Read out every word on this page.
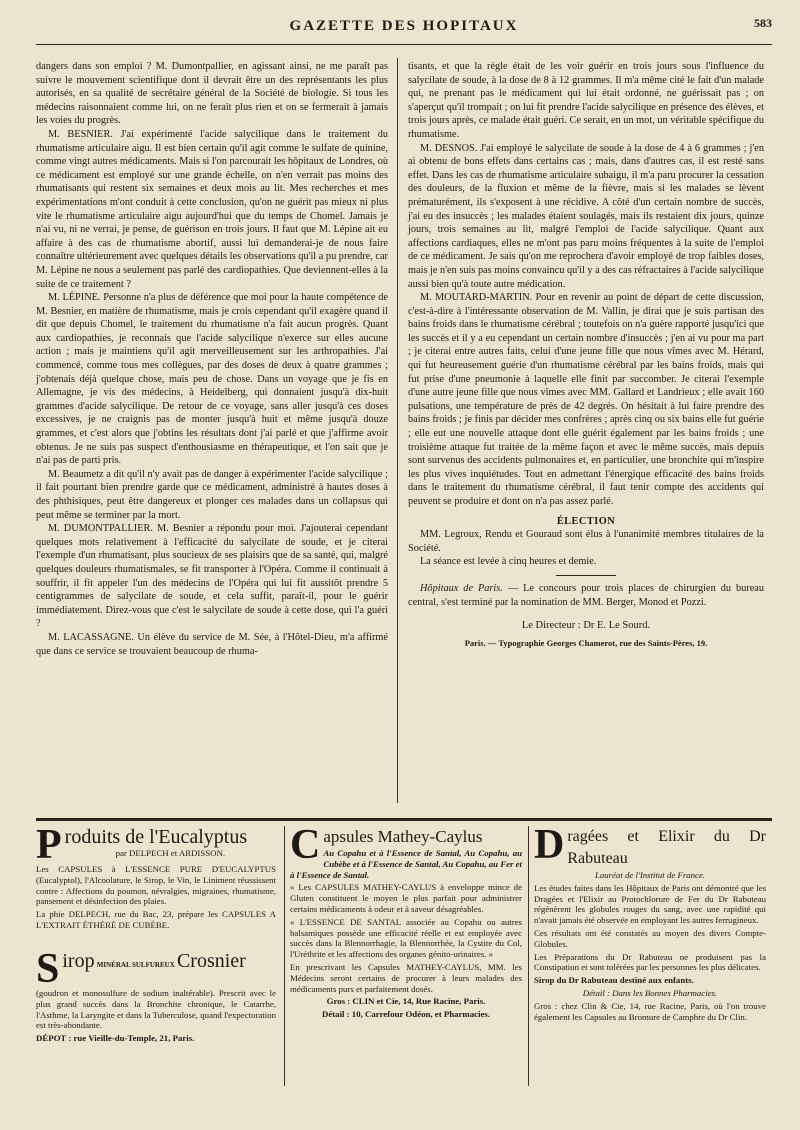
GAZETTE DES HOPITAUX	583

dangers dans son emploi ? M. Dumontpallier, en agissant ainsi, ne me paraît pas suivre le mouvement scientifique dont il devrait être un des représentants les plus autorisés, en sa qualité de secrétaire général de la Société de biologie. Si tous les médecins raisonnaient comme lui, on ne ferait plus rien et on se fermerait à jamais les voies du progrès.

M. BESNIER. J'ai expérimenté l'acide salycilique dans le traitement du rhumatisme articulaire aigu. Il est bien certain qu'il agit comme le sulfate de quinine, comme vingt autres médicaments. Mais si l'on parcourait les hôpitaux de Londres, où ce médicament est employé sur une grande échelle, on n'en verrait pas moins des rhumatisants qui restent six semaines et deux mois au lit. Mes recherches et mes expérimentations m'ont conduit à cette conclusion, qu'on ne guérit pas mieux ni plus vite le rhumatisme articulaire aigu aujourd'hui que du temps de Chomel. Jamais je n'ai vu, ni ne verrai, je pense, de guérison en trois jours. Il faut que M. Lépine ait eu affaire à des cas de rhumatisme abortif, aussi lui demanderai-je de nous faire connaître ultérieurement avec quelques détails les observations qu'il a pu prendre, car M. Lépine ne nous a seulement pas parlé des cardiopathies. Que deviennent-elles à la suite de ce traitement ?

M. LÉPINE. Personne n'a plus de déférence que moi pour la haute compétence de M. Besnier, en matière de rhumatisme, mais je crois cependant qu'il exagère quand il dit que depuis Chomel, le traitement du rhumatisme n'a fait aucun progrès. Quant aux cardiopathies, je reconnais que l'acide salycilique n'exerce sur elles aucune action ; mais je maintiens qu'il agit merveilleusement sur les arthropathies. J'ai commencé, comme tous mes collègues, par des doses de deux à quatre grammes ; j'obtenais déjà quelque chose, mais peu de chose. Dans un voyage que je fis en Allemagne, je vis des médecins, à Heidelberg, qui donnaient jusqu'à dix-huit grammes d'acide salycilique. De retour de ce voyage, sans aller jusqu'à ces doses excessives, je ne craignis pas de monter jusqu'à huit et même jusqu'à douze grammes, et c'est alors que j'obtins les résultats dont j'ai parlé et que j'affirme avoir obtenus. Je ne suis pas suspect d'enthousiasme en thérapeutique, et l'on sait que je n'ai pas de parti pris.

M. Beaumetz a dit qu'il n'y avait pas de danger à expérimenter l'acide salycilique ; il fait pourtant bien prendre garde que ce médicament, administré à hautes doses à des phthisiques, peut être dangereux et plonger ces malades dans un collapsus qui peut même se terminer par la mort.

M. DUMONTPALLIER. M. Besnier a répondu pour moi. J'ajouterai cependant quelques mots relativement à l'efficacité du salycilate de soude, et je citerai l'exemple d'un rhumatisant, plus soucieux de ses plaisirs que de sa santé, qui, malgré quelques douleurs rhumatismales, se fit transporter à l'Opéra. Comme il continuait à souffrir, il fit appeler l'un des médecins de l'Opéra qui lui fit aussitôt prendre 5 centigrammes de salycilate de soude, et cela suffit, paraît-il, pour le guérir immédiatement. Direz-vous que c'est le salycilate de soude à cette dose, qui l'a guéri ?

M. LACASSAGNE. Un élève du service de M. Sée, à l'Hôtel-Dieu, m'a affirmé que dans ce service se trouvaient beaucoup de rhuma-

tisants, et que la règle était de les voir guérir en trois jours sous l'influence du salycilate de soude, à la dose de 8 à 12 grammes. Il m'a même cité le fait d'un malade qui, ne prenant pas le médicament qui lui était ordonné, ne guérissait pas ; on s'aperçut qu'il trompait ; on lui fit prendre l'acide salycilique en présence des élèves, et trois jours après, ce malade était guéri. Ce serait, en un mot, un véritable spécifique du rhumatisme.

M. DESNOS. J'ai employé le salycilate de soude à la dose de 4 à 6 grammes ; j'en ai obtenu de bons effets dans certains cas ; mais, dans d'autres cas, il est resté sans effet. Dans les cas de rhumatisme articulaire subaigu, il m'a paru procurer la cessation des douleurs, de la fluxion et même de la fièvre, mais si les malades se lèvent prématurément, ils s'exposent à une récidive. A côté d'un certain nombre de succès, j'ai eu des insuccès ; les malades étaient soulagés, mais ils restaient dix jours, quinze jours, trois semaines au lit, malgré l'emploi de l'acide salycilique. Quant aux affections cardiaques, elles ne m'ont pas paru moins fréquentes à la suite de l'emploi de ce médicament. Je sais qu'on me reprochera d'avoir employé de trop faibles doses, mais je n'en suis pas moins convaincu qu'il y a des cas réfractaires à l'acide salycilique aussi bien qu'à toute autre médication.

M. MOUTARD-MARTIN. Pour en revenir au point de départ de cette discussion, c'est-à-dire à l'intéressante observation de M. Vallin, je dirai que je suis partisan des bains froids dans le rhumatisme cérébral ; toutefois on n'a guère rapporté jusqu'ici que les succès et il y a eu cependant un certain nombre d'insuccès ; j'en ai vu pour ma part ; je citerai entre autres faits, celui d'une jeune fille que nous vîmes avec M. Hérard, qui fut heureusement guérie d'un rhumatisme cérébral par les bains froids, mais qui fut prise d'une pneumonie à laquelle elle finit par succomber. Je citerai l'exemple d'une autre jeune fille que nous vîmes avec MM. Gallard et Landrieux ; elle avait 160 pulsations, une température de près de 42 degrés. On hésitait à lui faire prendre des bains froids ; je finis par décider mes confrères ; après cinq ou six bains elle fut guérie ; elle eut une nouvelle attaque dont elle guérit également par les bains froids ; une troisième attaque fut traitée de la même façon et avec le même succès, mais depuis sont survenus des accidents pulmonaires et, en particulier, une bronchite qui m'inspire les plus vives inquiétudes. Tout en admettant l'énergique efficacité des bains froids dans le traitement du rhumatisme cérébral, il faut tenir compte des accidents qui peuvent se produire et dont on n'a pas assez parlé.

ÉLECTION

MM. Legroux, Rendu et Gouraud sont élus à l'unanimité membres titulaires de la Société.

La séance est levée à cinq heures et demie.

Hôpitaux de Paris. — Le concours pour trois places de chirurgien du bureau central, s'est terminé par la nomination de MM. Berger, Monod et Pozzi.

Le Directeur : Dr E. Le Sourd.
Paris. — Typographie Georges Chamerot, rue des Saints-Pères, 19.
Produits de l'Eucalyptus

par DELPECH et ARDISSON.

Les CAPSULES à L'ESSENCE PURE D'EUCALYPTUS (Eucalyptol), l'Alcoolature, le Sirop, le Vin, le Liniment réussissent contre : Affections du poumon, névralgies, migraines, rhumatisme, pansement et désinfection des plaies.

La phie DELPECH, rue du Bac, 23, prépare les CAPSULES A L'EXTRAIT ÉTHÉRÉ DE CUBÈBE.

Sirop MINÉRAL SULFUREUX Crosnier

(goudron et monosulfure de sodium inaltérable). Prescrit avec le plus grand succès dans la Bronchite chronique, le Catarrhe, l'Asthme, la Laryngite et dans la Tuberculose, quand l'expectoration est très-abondante.

DÉPOT : rue Vieille-du-Temple, 21, Paris.

Capsules Mathey-Caylus

Au Copahu et à l'Essence de Santal, Au Copahu, au Cubèbe et à l'Essence de Santal, Au Copahu, au Fer et à l'Essence de Santal.

« Les CAPSULES MATHEY-CAYLUS à enveloppe mince de Gluten constituent le moyen le plus parfait pour administrer certains médicaments à odeur et à saveur désagréables.

« L'ESSENCE DE SANTAL associée au Copahu ou autres balsamiques possède une efficacité réelle et est employée avec succès dans la Blennorrhagie, la Blennorrhée, la Cystite du Col, l'Uréthrite et les affections des organes génito-urinaires. »

En prescrivant les Capsules MATHEY-CAYLUS, MM. les Médecins seront certains de procurer à leurs malades des médicaments purs et parfaitement dosés.

Gros : CLIN et Cie, 14, Rue Racine, Paris.

Détail : 10, Carrefour Odéon, et Pharmacies.

Dragées et Elixir du Dr Rabuteau

Lauréat de l'Institut de France.

Les études faites dans les Hôpitaux de Paris ont démontré que les Dragées et l'Elixir au Protochlorure de Fer du Dr Rabuteau régénèrent les globules rouges du sang, avec une rapidité qui n'avait jamais été observée en employant les autres ferrugineux.

Ces résultats ont été constatés au moyen des divers Compte-Globules.

Les Préparations du Dr Rabuteau ne produisent pas la Constipation et sont tolérées par les personnes les plus délicates.

Sirop du Dr Rabuteau destiné aux enfants.

Détail : Dans les Bonnes Pharmacies.

Gros : chez Clin & Cie, 14, rue Racine, Paris, où l'on trouve également les Capsules au Bromure de Camphre du Dr Clin.
